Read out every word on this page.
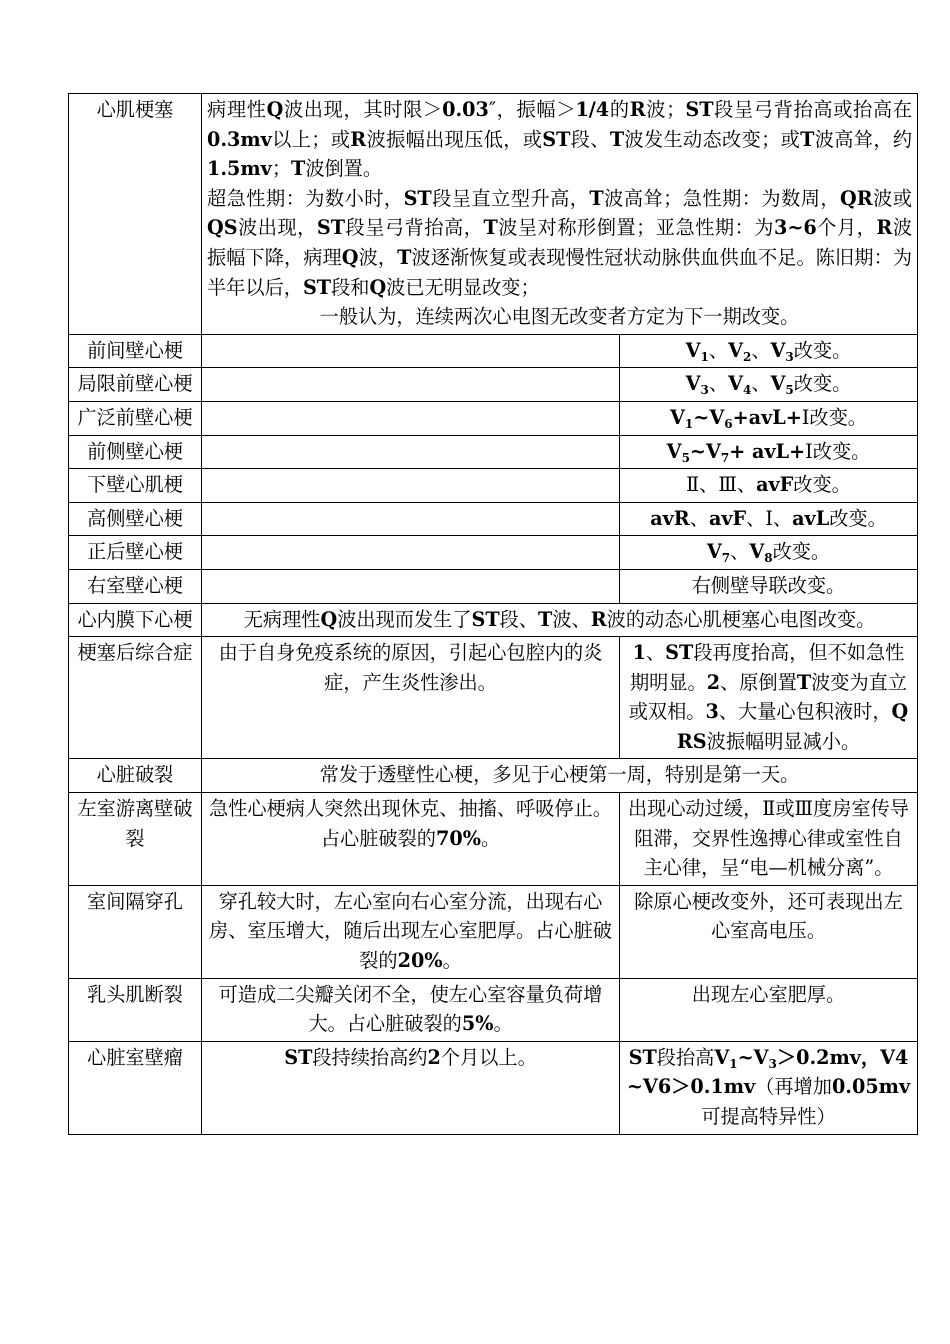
心肌梗塞	病理性Q波出现，其时限＞0.03″，振幅＞1/4的R波；ST段呈弓背抬高或抬高在0.3mv以上；或R波振幅出现压低，或ST段、T波发生动态改变；或T波高耸，约1.5mv；T波倒置。
超急性期：为数小时，ST段呈直立型升高，T波高耸；急性期：为数周，QR波或QS波出现，ST段呈弓背抬高，T波呈对称形倒置；亚急性期：为3~6个月，R波振幅下降，病理Q波，T波逐渐恢复或表现慢性冠状动脉供血供血不足。陈旧期：为半年以后，ST段和Q波已无明显改变；
一般认为，连续两次心电图无改变者方定为下一期改变。	

前间壁心梗		$V_1$、$V_2$、$V_3$改变。
局限前壁心梗		$V_3$、$V_4$、$V_5$改变。
广泛前壁心梗		$V_1\sim V_6+avL+Ⅰ$改变。
前侧壁心梗		$V_5\sim V_7+$ avL+Ⅰ改变。
下壁心肌梗		Ⅱ、Ⅲ、avF改变。
高侧壁心梗		avR、avF、Ⅰ、avL改变。
正后壁心梗		$V_7$、$V_8$改变。
右室壁心梗		右侧壁导联改变。
心内膜下心梗	无病理性Q波出现而发生了ST段、T波、R波的动态心肌梗塞心电图改变。	
梗塞后综合症	由于自身免疫系统的原因，引起心包腔内的炎症，产生炎性渗出。	1、ST段再度抬高，但不如急性期明显。2、原倒置T波变为直立或双相。3、大量心包积液时，QRS波振幅明显减小。
心脏破裂	常发于透壁性心梗，多见于心梗第一周，特别是第一天。	
左室游离壁破裂	急性心梗病人突然出现休克、抽搐、呼吸停止。占心脏破裂的70%。	出现心动过缓，Ⅱ或Ⅲ度房室传导阻滞，交界性逸搏心律或室性自主心律，呈“电—机械分离”。
室间隔穿孔	穿孔较大时，左心室向右心室分流，出现右心房、室压增大，随后出现左心室肥厚。占心脏破裂的20%。	除原心梗改变外，还可表现出左心室高电压。
乳头肌断裂	可造成二尖瓣关闭不全，使左心室容量负荷增大。占心脏破裂的5%。	出现左心室肥厚。
心脏室壁瘤	ST段持续抬高约2个月以上。	ST段抬高$V_1\sim V_3>0.2mv$，V4~V6＞0.1mv（再增加0.05mv可提高特异性）
